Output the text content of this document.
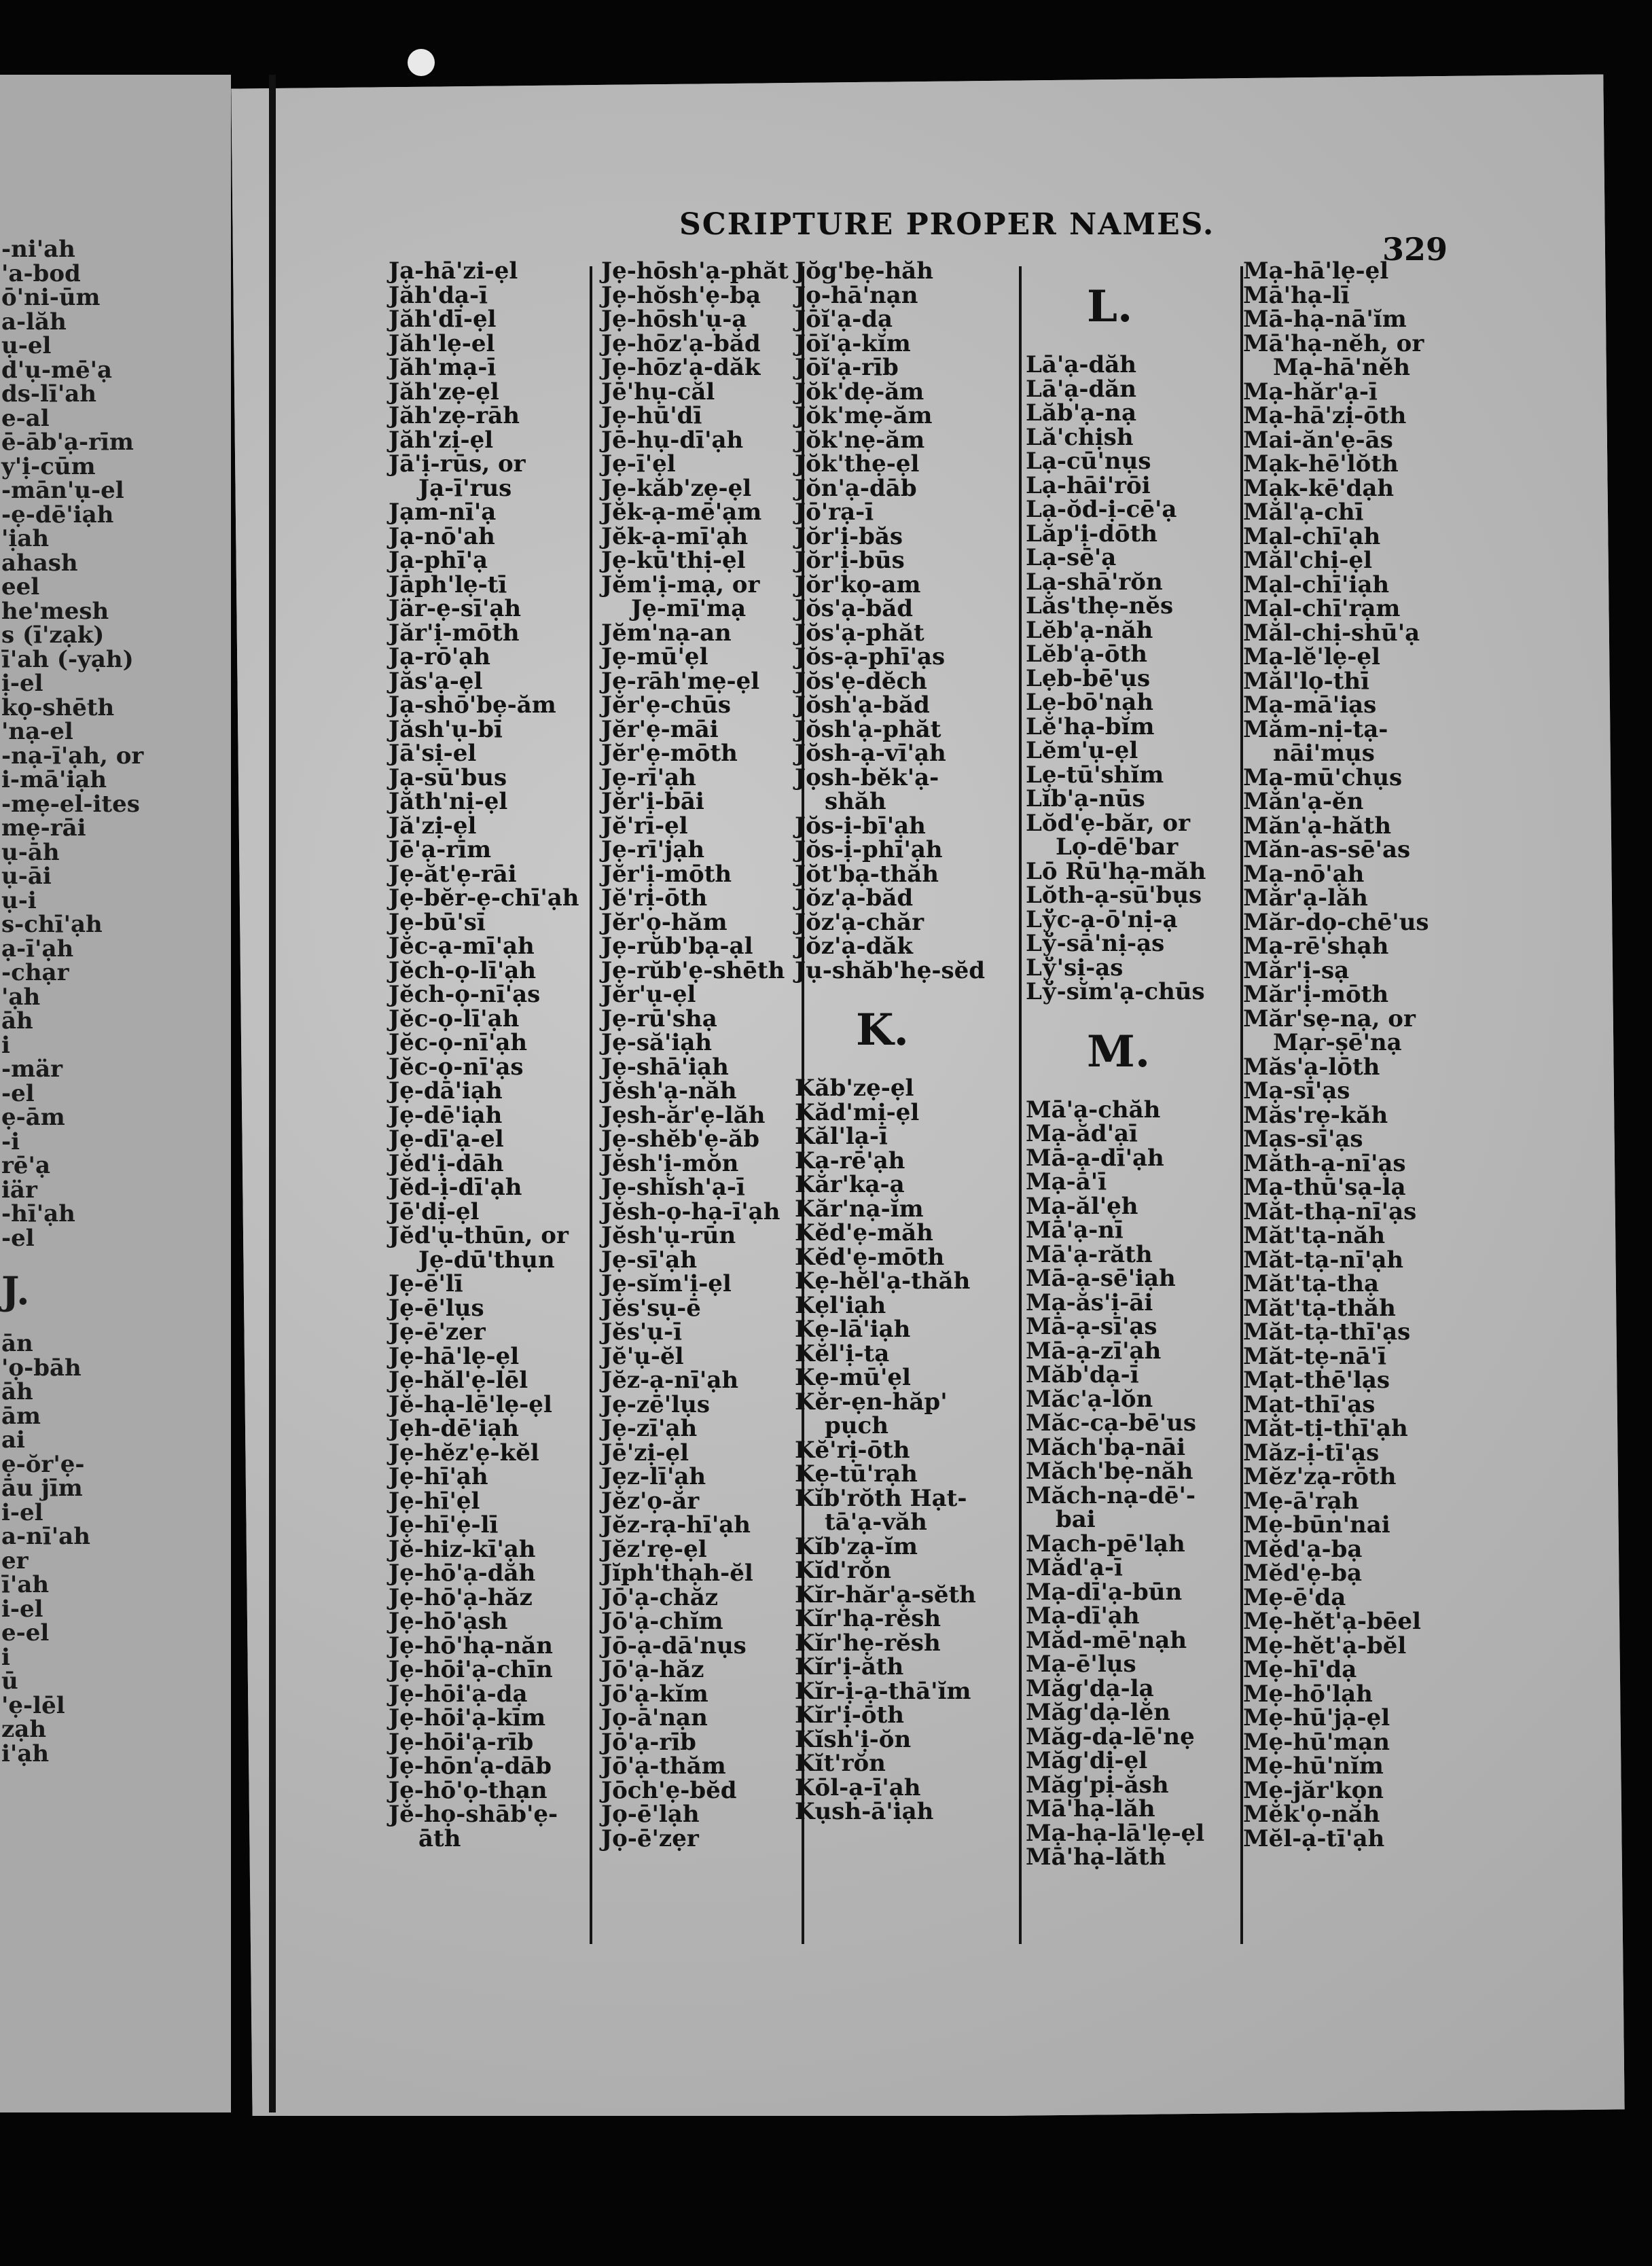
-ni'ah
'a-bod
ō'ni-ūm
a-lăh
ụ-el
d'ụ-mē'ạ
ds-lī'ah
e-al
ē-āb'ạ-rīm
y'ị-cūm
-mān'ụ-el
-ẹ-dē'iạh
'ịah
ahash
eel
he'mesh
s (ī'zạk)
ī'ah (-yạh)
ị-el
kọ-shēth
'nạ-el
-nạ-ī'ạh, or
i-mā'iạh
-mẹ-el-ites
mẹ-rāi
ụ-āh
ụ-āi
ụ-i
s-chī'ạh
ạ-ī'ạh
-chạr
'ạh
āh
i
-mär
-el
ẹ-ām
-i
rē'ạ
iär
-hī'ạh
-el
J.
ān
'ọ-bāh
āh
ām
ai
ẹ-ŏr'ẹ-
āu jīm
i-el
a-nī'ah
er
ī'ah
i-el
e-el
i
ū
'ẹ-lēl
zạh
i'ạh
SCRIPTURE PROPER NAMES.
329
Jạ-hā'zi-ẹl
Jăh'dạ-ī
Jăh'dī-ẹl
Jăh'lẹ-el
Jăh'mạ-ī
Jăh'zẹ-ẹl
Jăh'zẹ-rāh
Jăh'zị-ẹl
Jā'ị-rūs, or
Jạ-ī'rus
Jạm-nī'ạ
Jạ-nō'ah
Jạ-phī'ạ
Jāph'lẹ-tī
Jär-ẹ-sī'ạh
Jăr'ị-mōth
Jạ-rō'ạh
Jăs'ạ-ẹl
Jạ-shō'bẹ-ăm
Jăsh'ụ-bī
Jā'sị-el
Jạ-sū'bus
Jăth'nị-ẹl
Jă'zị-ẹl
Jē'ạ-rīm
Jẹ-ăt'ẹ-rāi
Jẹ-bĕr-ẹ-chī'ạh
Jẹ-bū'sī
Jĕc-ạ-mī'ạh
Jĕch-ọ-lī'ạh
Jĕch-ọ-nī'ạs
Jĕc-ọ-lī'ạh
Jĕc-ọ-nī'ạh
Jĕc-ọ-nī'ạs
Jẹ-dā'iạh
Jẹ-dē'iạh
Jẹ-dī'ạ-el
Jĕd'ị-dāh
Jĕd-ị-dī'ạh
Jē'dị-ẹl
Jĕd'ụ-thūn, or
Jẹ-dū'thụn
Jẹ-ē'lī
Jẹ-ē'lụs
Jẹ-ē'zer
Jẹ-hā'lẹ-ẹl
Jẹ-hăl'ẹ-lēl
Jĕ-hạ-lē'lẹ-ẹl
Jẹh-dē'iạh
Jẹ-hĕz'ẹ-kĕl
Jẹ-hī'ạh
Jẹ-hī'ẹl
Jẹ-hī'ẹ-lī
Jĕ-hiz-kī'ạh
Jẹ-hō'ạ-dăh
Jẹ-hō'ạ-hăz
Jẹ-hō'ạsh
Jẹ-hō'hạ-năn
Jẹ-hōi'ạ-chīn
Jẹ-hōi'ạ-dạ
Jẹ-hōi'ạ-kīm
Jẹ-hōi'ạ-rīb
Jẹ-hōn'ạ-dāb
Jẹ-hō'ọ-thạn
Jĕ-họ-shāb'ẹ-
āth
Jẹ-hōsh'ạ-phăt
Jẹ-hŏsh'ẹ-bạ
Jẹ-hōsh'ụ-ạ
Jẹ-hōz'ạ-băd
Jẹ-hōz'ạ-dăk
Jē'hụ-căl
Jẹ-hū'dī
Jē-hụ-dī'ạh
Jẹ-ī'ẹl
Jẹ-kăb'zẹ-ẹl
Jĕk-ạ-mē'ạm
Jĕk-ạ-mī'ạh
Jẹ-kū'thị-ẹl
Jĕm'ị-mạ, or
Jẹ-mī'mạ
Jĕm'nạ-an
Jẹ-mū'ẹl
Jẹ-rāh'mẹ-ẹl
Jĕr'ẹ-chūs
Jĕr'ẹ-māi
Jĕr'ẹ-mōth
Jẹ-rī'ạh
Jĕr'ị-bāi
Jĕ'rī-ẹl
Jẹ-rī'jạh
Jĕr'ị-mōth
Jĕ'rị-ōth
Jĕr'ọ-hăm
Jẹ-rŭb'bạ-ạl
Jẹ-rŭb'ẹ-shēth
Jĕr'ụ-ẹl
Jẹ-rū'shạ
Jẹ-să'iạh
Jẹ-shā'iạh
Jĕsh'ạ-năh
Jẹsh-ăr'ẹ-lăh
Jẹ-shĕb'ẹ-ăb
Jĕsh'ị-mŏn
Jẹ-shĭsh'ạ-ī
Jĕsh-ọ-hạ-ī'ạh
Jĕsh'ụ-rūn
Jẹ-sī'ạh
Jẹ-sĭm'ị-ẹl
Jĕs'sụ-ē
Jĕs'ụ-ī
Jĕ'ụ-ĕl
Jĕz-ạ-nī'ạh
Jẹ-zē'lụs
Jẹ-zī'ạh
Jē'zị-ẹl
Jẹz-lī'ạh
Jĕz'ọ-ăr
Jĕz-rạ-hī'ạh
Jĕz'rẹ-ẹl
Jĭph'thạh-ĕl
Jō'ạ-chăz
Jō'ạ-chĭm
Jō-ạ-dā'nụs
Jō'ạ-hăz
Jō'ạ-kĭm
Jọ-ā'nạn
Jō'ạ-rīb
Jō'ạ-thăm
Jōch'ẹ-bĕd
Jọ-ē'lạh
Jọ-ē'zẹr
Jŏg'bẹ-hăh
Jọ-hā'nạn
Jōĭ'ạ-dạ
Jōĭ'ạ-kĭm
Jōĭ'ạ-rīb
Jŏk'dẹ-ăm
Jŏk'mẹ-ăm
Jŏk'nẹ-ăm
Jŏk'thẹ-ẹl
Jŏn'ạ-dāb
Jō'rạ-ī
Jŏr'ị-băs
Jŏr'ị-būs
Jŏr'kọ-am
Jŏs'ạ-băd
Jŏs'ạ-phăt
Jŏs-ạ-phī'ạs
Jŏs'ẹ-dĕch
Jŏsh'ạ-băd
Jŏsh'ạ-phăt
Jŏsh-ạ-vī'ạh
Jọsh-bĕk'ạ-
shăh
Jŏs-ị-bī'ạh
Jŏs-ị-phī'ạh
Jŏt'bạ-thăh
Jŏz'ạ-băd
Jŏz'ạ-chăr
Jŏz'ạ-dăk
Jụ-shăb'hẹ-sĕd
K.
Kăb'zẹ-ẹl
Kăd'mị-ẹl
Kăl'lạ-ī
Kạ-rē'ạh
Kăr'kạ-ạ
Kăr'nạ-ĭm
Kĕd'ẹ-măh
Kĕd'ẹ-mōth
Kẹ-hĕl'ạ-thăh
Kẹl'iạh
Kẹ-lā'iạh
Kĕl'ị-tạ
Kẹ-mū'ẹl
Kĕr-ẹn-hăp'
pụch
Kĕ'rị-ōth
Kẹ-tū'rạh
Kĭb'rŏth Hạt-
tā'ạ-văh
Kĭb'zạ-ĭm
Kĭd'rŏn
Kĭr-hăr'ạ-sĕth
Kĭr'hạ-rĕsh
Kĭr'hẹ-rĕsh
Kĭr'ị-ăth
Kĭr-ị-ạ-thā'ĭm
Kĭr'ị-ōth
Kĭsh'ị-ŏn
Kĭt'rŏn
Kōl-ạ-ī'ạh
Kụsh-ā'iạh
L.
Lā'ạ-dăh
Lā'ạ-dăn
Lăb'ạ-nạ
Lă'chịsh
Lạ-cū'nụs
Lạ-hāi'rōi
Lạ-ŏd-ị-cē'ạ
Lăp'ị-dōth
Lạ-sē'ạ
Lạ-shā'rŏn
Lăs'thẹ-nĕs
Lĕb'ạ-năh
Lĕb'ạ-ōth
Lẹb-bē'ụs
Lẹ-bō'nạh
Lĕ'hạ-bĭm
Lĕm'ụ-ẹl
Lẹ-tū'shĭm
Lĭb'ạ-nūs
Lŏd'ẹ-băr, or
Lọ-dē'bar
Lō Rū'hạ-măh
Lŏth-ạ-sū'bụs
Lўc-ạ-ō'nị-ạ
Lў-sā'nị-ạs
Lў'sị-ạs
Lў-sĭm'ạ-chūs
M.
Mā'ạ-chăh
Mạ-ăd'ạī
Mā-ạ-dī'ạh
Mạ-ā'ī
Mạ-ăl'ẹh
Mā'ạ-nī
Mā'ạ-răth
Mā-ạ-sē'iạh
Mạ-ăs'ị-āi
Mā-ạ-sī'ạs
Mā-ạ-zī'ạh
Măb'dạ-ī
Măc'ạ-lŏn
Măc-cạ-bē'us
Măch'bạ-nāi
Măch'bẹ-năh
Măch-nạ-dē'-
bai
Mạch-pē'lạh
Măd'ạ-ī
Mạ-dī'ạ-būn
Mạ-dī'ạh
Măd-mē'nạh
Mạ-ē'lụs
Măg'dạ-lạ
Măg'dạ-lĕn
Măg-dạ-lē'nẹ
Măg'dị-ẹl
Măg'pị-ăsh
Mā'hạ-lăh
Mạ-hạ-lā'lẹ-ẹl
Mā'hạ-lăth
Mạ-hā'lẹ-ẹl
Mā'hạ-lī
Mā-hạ-nā'ĭm
Mā'hạ-nĕh, or
Mạ-hā'nĕh
Mạ-hăr'ạ-ī
Mạ-hā'zị-ōth
Mai-ăn'ẹ-ās
Mạk-hē'lŏth
Mạk-kē'dạh
Măl'ạ-chī
Mạl-chī'ạh
Măl'chị-ẹl
Mạl-chī'iạh
Mạl-chī'rạm
Măl-chị-shū'ạ
Mạ-lĕ'lẹ-ẹl
Măl'lọ-thī
Mạ-mā'iạs
Măm-nị-tạ-
nāi'mụs
Mạ-mū'chụs
Măn'ạ-ĕn
Măn'ạ-hăth
Măn-as-sē'as
Mạ-nō'ạh
Măr'ạ-lăh
Măr-dọ-chē'us
Mạ-rē'shạh
Măr'ị-sạ
Măr'ị-mōth
Măr'sẹ-nạ, or
Mạr-ṣē'nạ
Măs'ạ-lōth
Mạ-sī'ạs
Măs'rẹ-kăh
Mạs-sī'ạs
Măth-ạ-nī'ạs
Mạ-thū'sạ-lạ
Măt-thạ-nī'ạs
Măt'tạ-năh
Măt-tạ-nī'ạh
Măt'tạ-thạ
Măt'tạ-thăh
Măt-tạ-thī'ạs
Măt-tẹ-nā'ī
Mạt-thē'lạs
Mạt-thī'ạs
Măt-tị-thī'ạh
Măz-ị-tī'ạs
Mĕz'zạ-rōth
Mẹ-ā'rạh
Mẹ-būn'nai
Mĕd'ạ-bạ
Mĕd'ẹ-bạ
Mẹ-ē'dạ
Mẹ-hĕt'ạ-bēel
Mẹ-hĕt'ạ-bĕl
Mẹ-hī'dạ
Mẹ-hō'lạh
Mẹ-hū'jạ-ẹl
Mẹ-hū'mạn
Mẹ-hū'nĭm
Mẹ-jăr'kọn
Mĕk'ọ-năh
Mĕl-ạ-tī'ạh
